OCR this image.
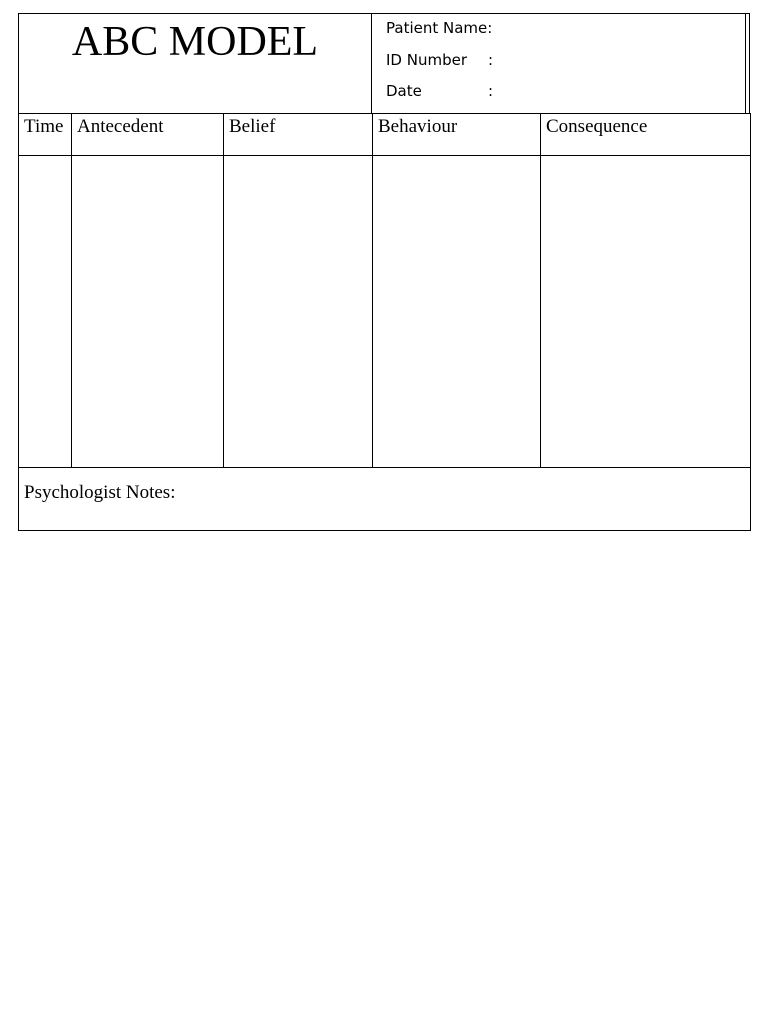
ABC MODEL	Patient Name:
ID Number :
Date	:
Time	Antecedent	Belief	Behaviour	Consequence

Psychologist Notes:				
